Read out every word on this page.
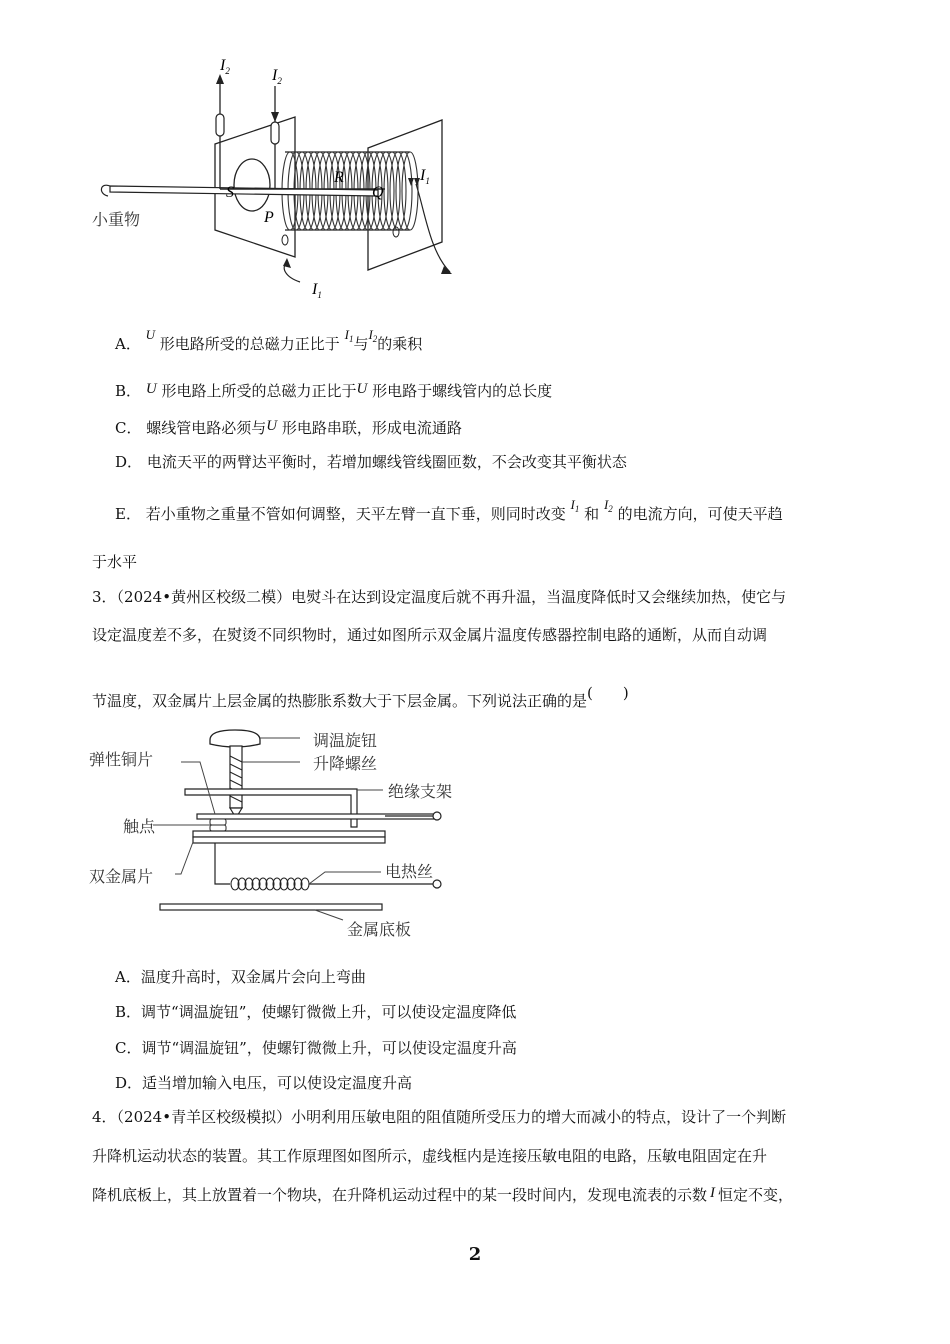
$I_2$	$I_2$
$I_1$
$I_1$
S
P
R
Q
小重物
A． U 形电路所受的总磁力正比于 $I_1$与$I_2$的乘积
B． U 形电路上所受的总磁力正比于U 形电路于螺线管内的总长度
C． 螺线管电路必须与U 形电路串联，形成电流通路
D． 电流天平的两臂达平衡时，若增加螺线管线圈匝数，不会改变其平衡状态
E． 若小重物之重量不管如何调整，天平左臂一直下垂，则同时改变 $I_1$ 和 $I_2$ 的电流方向，可使天平趋
于水平
3．（2024•黄州区校级二模）电熨斗在达到设定温度后就不再升温，当温度降低时又会继续加热，使它与
设定温度差不多，在熨烫不同织物时，通过如图所示双金属片温度传感器控制电路的通断，从而自动调
节温度，双金属片上层金属的热膨胀系数大于下层金属。下列说法正确的是(　　)
调温旋钮
升降螺丝
弹性铜片
绝缘支架
触点
电热丝
双金属片
金属底板
A．温度升高时，双金属片会向上弯曲
B．调节“调温旋钮”，使螺钉微微上升，可以使设定温度降低
C．调节“调温旋钮”，使螺钉微微上升，可以使设定温度升高
D．适当增加输入电压，可以使设定温度升高
4．（2024•青羊区校级模拟）小明利用压敏电阻的阻值随所受压力的增大而减小的特点，设计了一个判断
升降机运动状态的装置。其工作原理图如图所示，虚线框内是连接压敏电阻的电路，压敏电阻固定在升
降机底板上，其上放置着一个物块，在升降机运动过程中的某一段时间内，发现电流表的示数 I 恒定不变，
2
